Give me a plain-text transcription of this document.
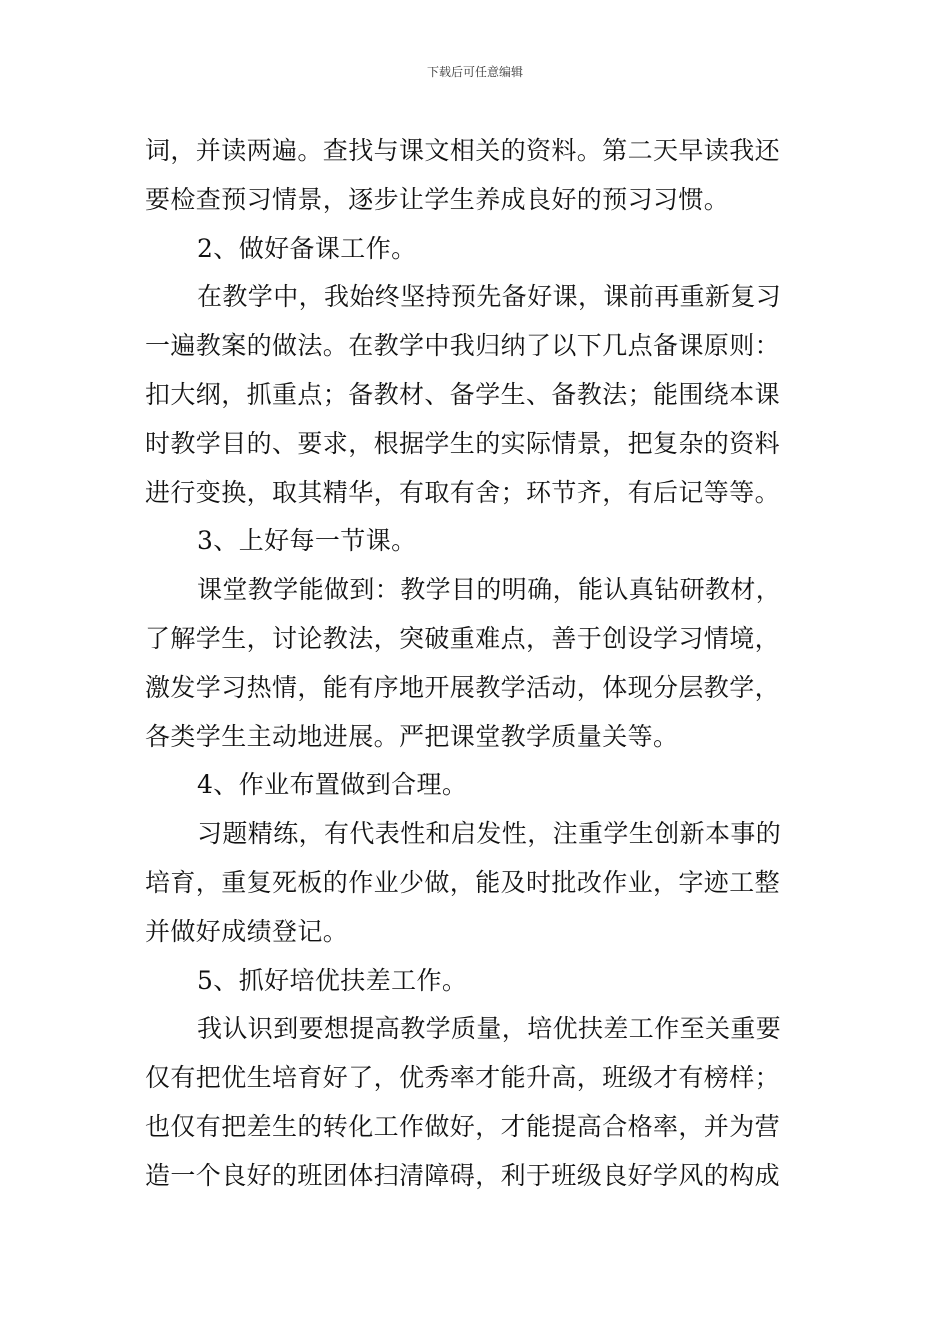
下载后可任意编辑
词，并读两遍。查找与课文相关的资料。第二天早读我还
要检查预习情景，逐步让学生养成良好的预习习惯。
2、做好备课工作。
在教学中，我始终坚持预先备好课，课前再重新复习
一遍教案的做法。在教学中我归纳了以下几点备课原则：
扣大纲，抓重点；备教材、备学生、备教法；能围绕本课
时教学目的、要求，根据学生的实际情景，把复杂的资料
进行变换，取其精华，有取有舍；环节齐，有后记等等。
3、上好每一节课。
课堂教学能做到：教学目的明确，能认真钻研教材，
了解学生，讨论教法，突破重难点，善于创设学习情境，
激发学习热情，能有序地开展教学活动，体现分层教学，
各类学生主动地进展。严把课堂教学质量关等。
4、作业布置做到合理。
习题精练，有代表性和启发性，注重学生创新本事的
培育，重复死板的作业少做，能及时批改作业，字迹工整
并做好成绩登记。
5、抓好培优扶差工作。
我认识到要想提高教学质量，培优扶差工作至关重要
仅有把优生培育好了，优秀率才能升高，班级才有榜样；
也仅有把差生的转化工作做好，才能提高合格率，并为营
造一个良好的班团体扫清障碍，利于班级良好学风的构成
